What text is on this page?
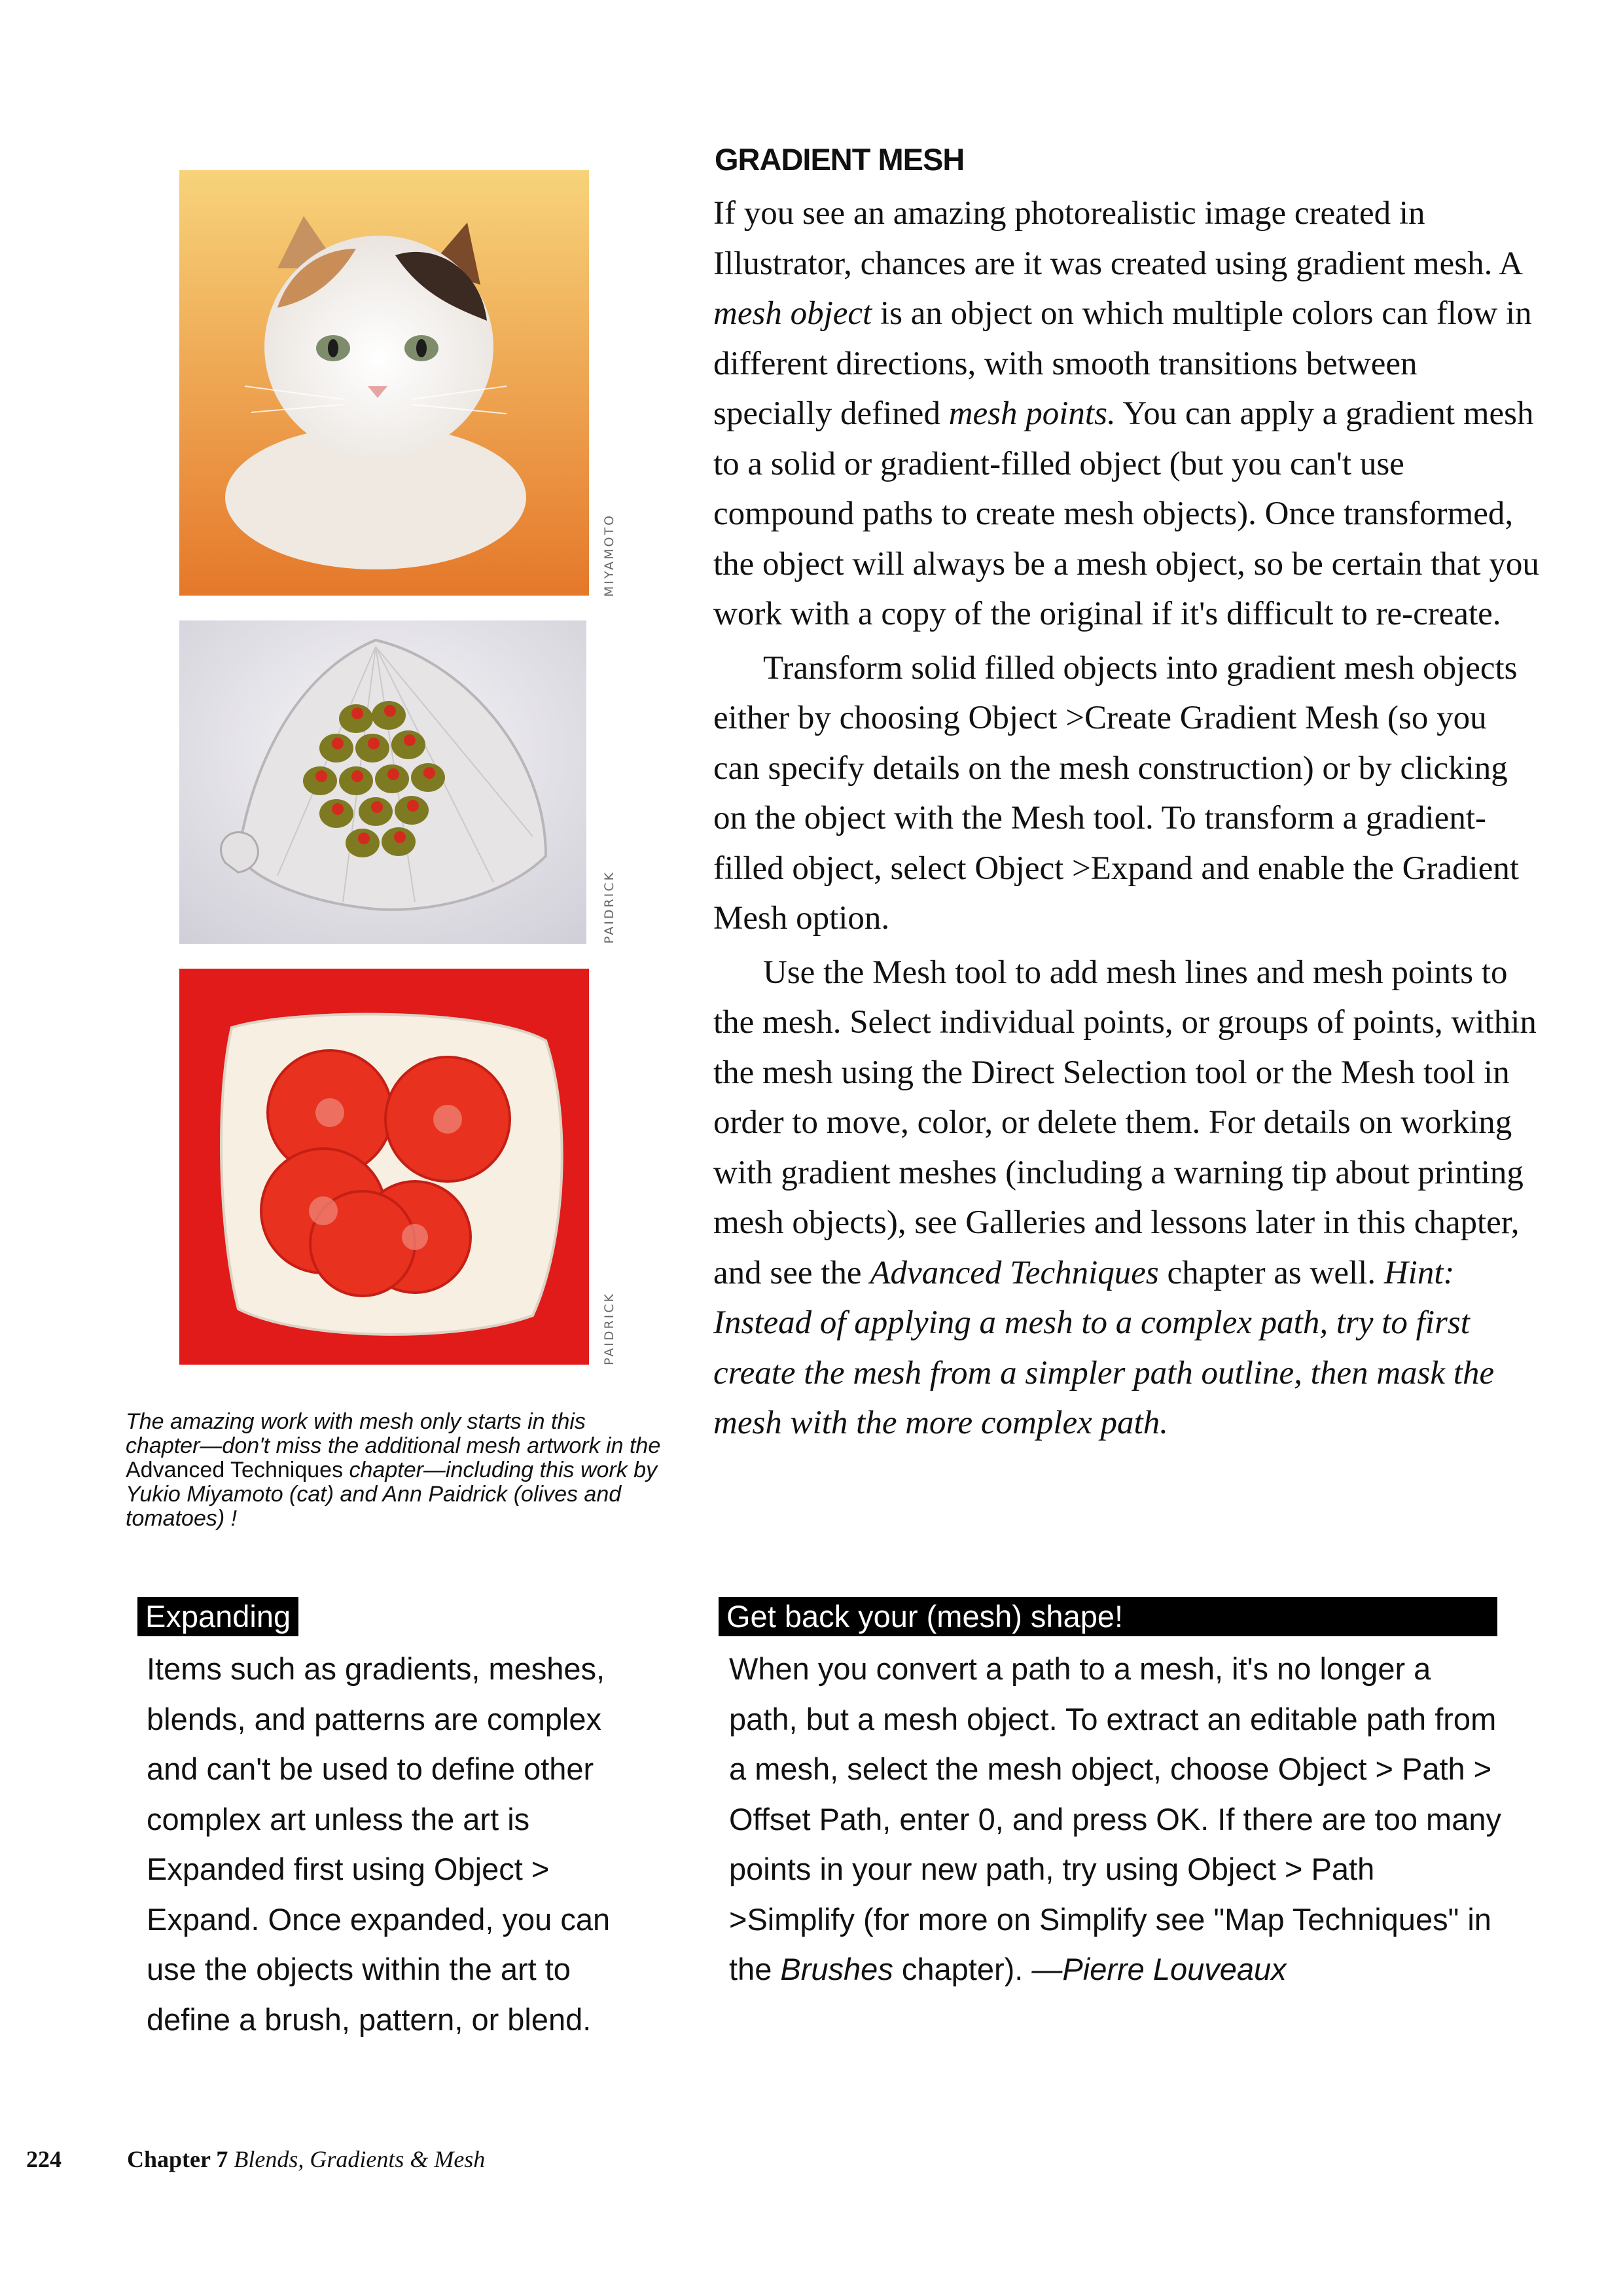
MIYAMOTO
PAIDRICK
PAIDRICK
The amazing work with mesh only starts in this chapter—don't miss the additional mesh artwork in the Advanced Techniques chapter—including this work by Yukio Miyamoto (cat) and Ann Paidrick (olives and tomatoes) !
GRADIENT MESH

If you see an amazing photorealistic image created in Illustrator, chances are it was created using gradient mesh. A mesh object is an object on which multiple colors can flow in different directions, with smooth transitions between specially defined mesh points. You can apply a gradient mesh to a solid or gradient-filled object (but you can't use compound paths to create mesh objects). Once transformed, the object will always be a mesh object, so be certain that you work with a copy of the original if it's difficult to re-create.

Transform solid filled objects into gradient mesh objects either by choosing Object >Create Gradient Mesh (so you can specify details on the mesh construction) or by clicking on the object with the Mesh tool. To transform a gradient-filled object, select Object >Expand and enable the Gradient Mesh option.

Use the Mesh tool to add mesh lines and mesh points to the mesh. Select individual points, or groups of points, within the mesh using the Direct Selection tool or the Mesh tool in order to move, color, or delete them. For details on working with gradient meshes (including a warning tip about printing mesh objects), see Galleries and lessons later in this chapter, and see the Advanced Techniques chapter as well. Hint: Instead of applying a mesh to a complex path, try to first create the mesh from a simpler path outline, then mask the mesh with the more complex path.

Expanding

Items such as gradients, meshes, blends, and patterns are complex and can't be used to define other complex art unless the art is Expanded first using Object > Expand. Once expanded, you can use the objects within the art to define a brush, pattern, or blend.

Get back your (mesh) shape!

When you convert a path to a mesh, it's no longer a path, but a mesh object. To extract an editable path from a mesh, select the mesh object, choose Object > Path > Offset Path, enter 0, and press OK. If there are too many points in your new path, try using Object > Path >Simplify (for more on Simplify see "Map Techniques" in the Brushes chapter). —Pierre Louveaux

224	Chapter 7 Blends, Gradients & Mesh
